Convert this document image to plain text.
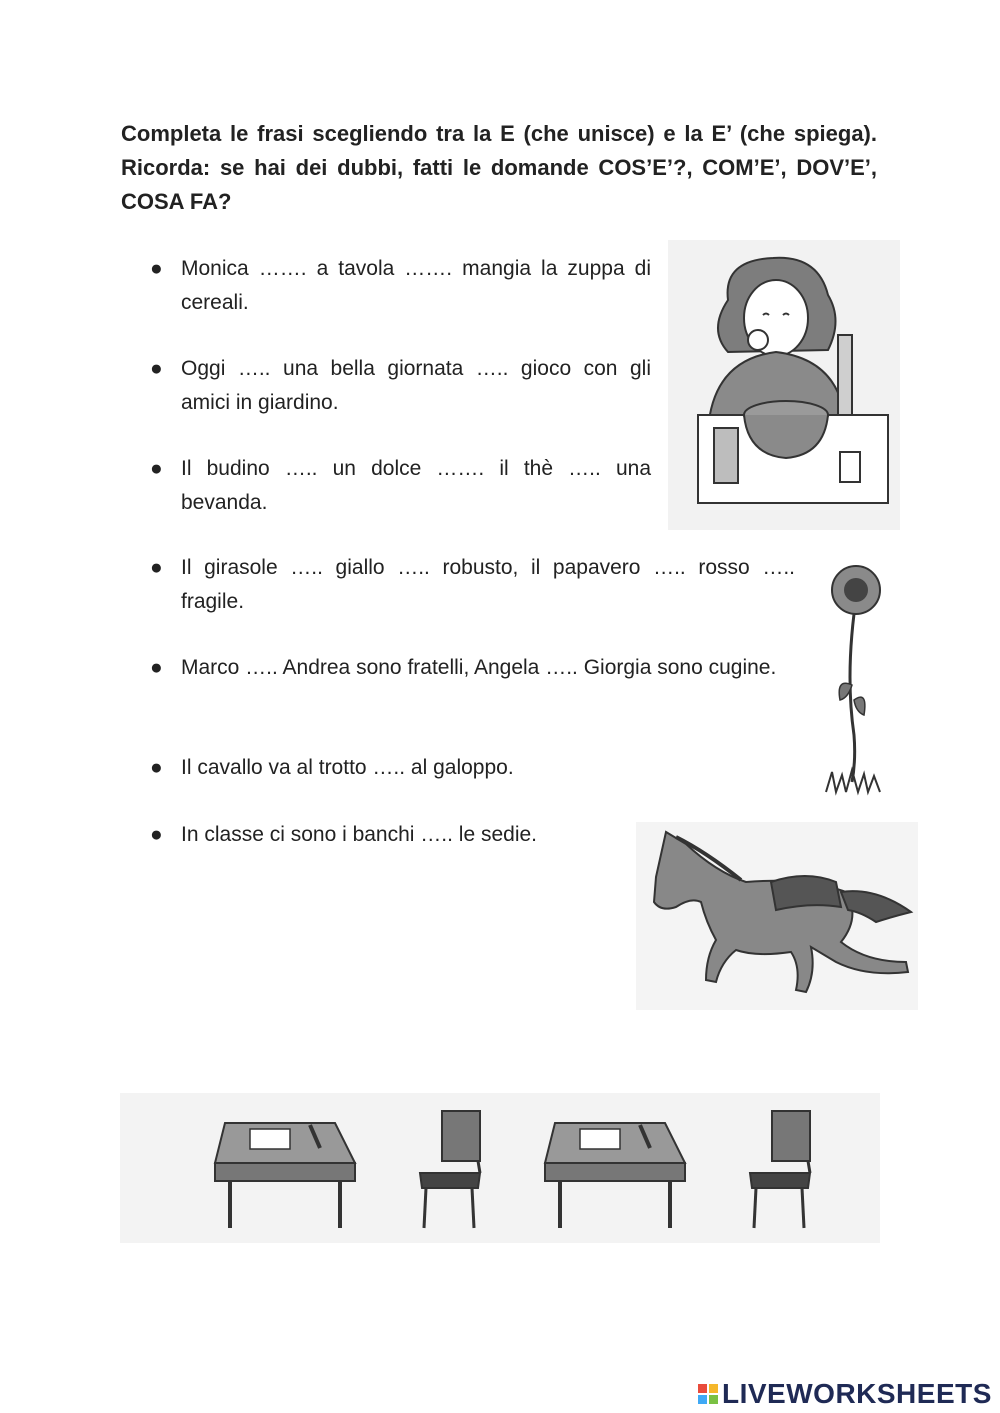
Completa le frasi scegliendo tra la E (che unisce) e la E’ (che spiega). Ricorda: se hai dei dubbi, fatti le domande COS’E’?, COM’E’, DOV’E’, COSA FA?
● Monica ……. a tavola ……. mangia la zuppa di cereali.
● Oggi ….. una bella giornata ….. gioco con gli amici in giardino.
● Il budino ….. un dolce ……. il thè ….. una bevanda.
● Il girasole ….. giallo ….. robusto, il papavero ….. rosso ….. fragile.
● Marco ….. Andrea sono fratelli, Angela ….. Giorgia sono cugine.
● Il cavallo va al trotto ….. al galoppo.
● In classe ci sono i banchi ….. le sedie.
LIVEWORKSHEETS
